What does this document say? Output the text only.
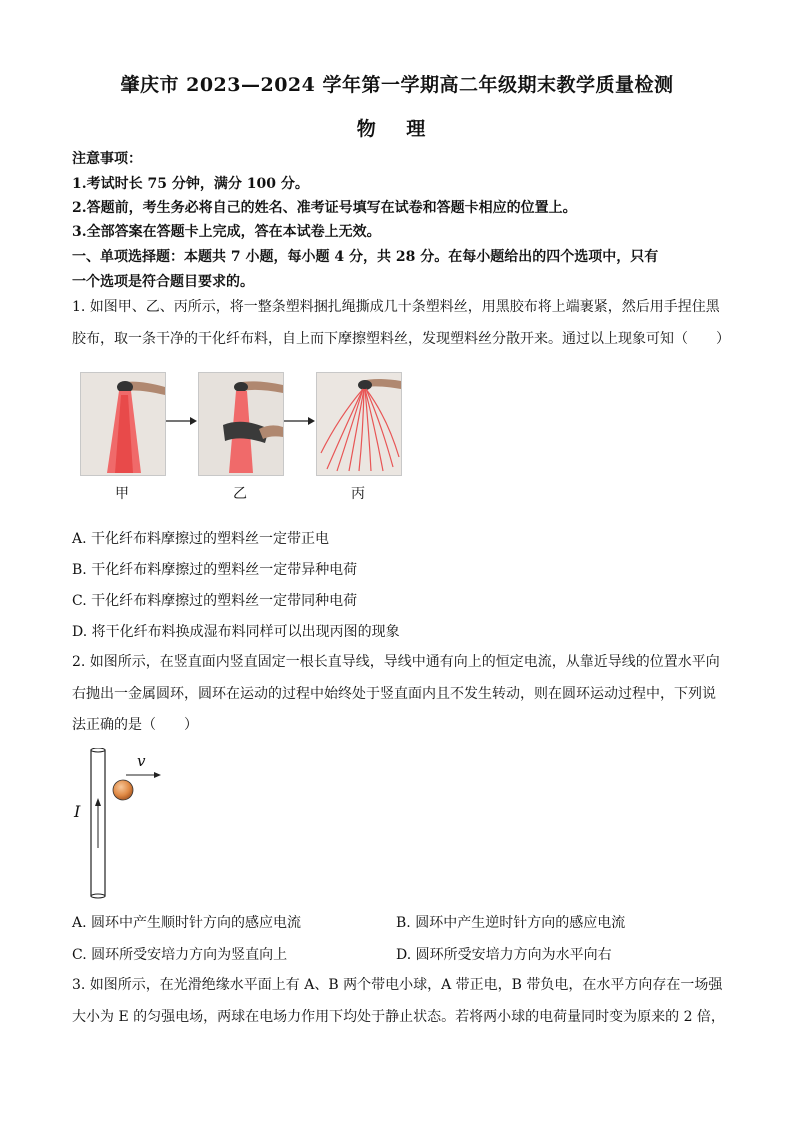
肇庆市 2023—2024 学年第一学期高二年级期末教学质量检测
物 理
注意事项：
1.考试时长 75 分钟，满分 100 分。
2.答题前，考生务必将自己的姓名、准考证号填写在试卷和答题卡相应的位置上。
3.全部答案在答题卡上完成，答在本试卷上无效。
一、单项选择题：本题共 7 小题，每小题 4 分，共 28 分。在每小题给出的四个选项中，只有
一个选项是符合题目要求的。
1. 如图甲、乙、丙所示，将一整条塑料捆扎绳撕成几十条塑料丝，用黑胶布将上端裹紧，然后用手捏住黑
胶布，取一条干净的干化纤布料，自上而下摩擦塑料丝，发现塑料丝分散开来。通过以上现象可知（　　）
甲	乙	丙
A. 干化纤布料摩擦过的塑料丝一定带正电
B. 干化纤布料摩擦过的塑料丝一定带异种电荷
C. 干化纤布料摩擦过的塑料丝一定带同种电荷
D. 将干化纤布料换成湿布料同样可以出现丙图的现象
2. 如图所示，在竖直面内竖直固定一根长直导线，导线中通有向上的恒定电流，从靠近导线的位置水平向
右抛出一金属圆环，圆环在运动的过程中始终处于竖直面内且不发生转动，则在圆环运动过程中，下列说
法正确的是（　　）
v
I
A. 圆环中产生顺时针方向的感应电流	B. 圆环中产生逆时针方向的感应电流
C. 圆环所受安培力方向为竖直向上	D. 圆环所受安培力方向为水平向右
3. 如图所示，在光滑绝缘水平面上有 A、B 两个带电小球，A 带正电，B 带负电，在水平方向存在一场强
大小为 E 的匀强电场，两球在电场力作用下均处于静止状态。若将两小球的电荷量同时变为原来的 2 倍，
